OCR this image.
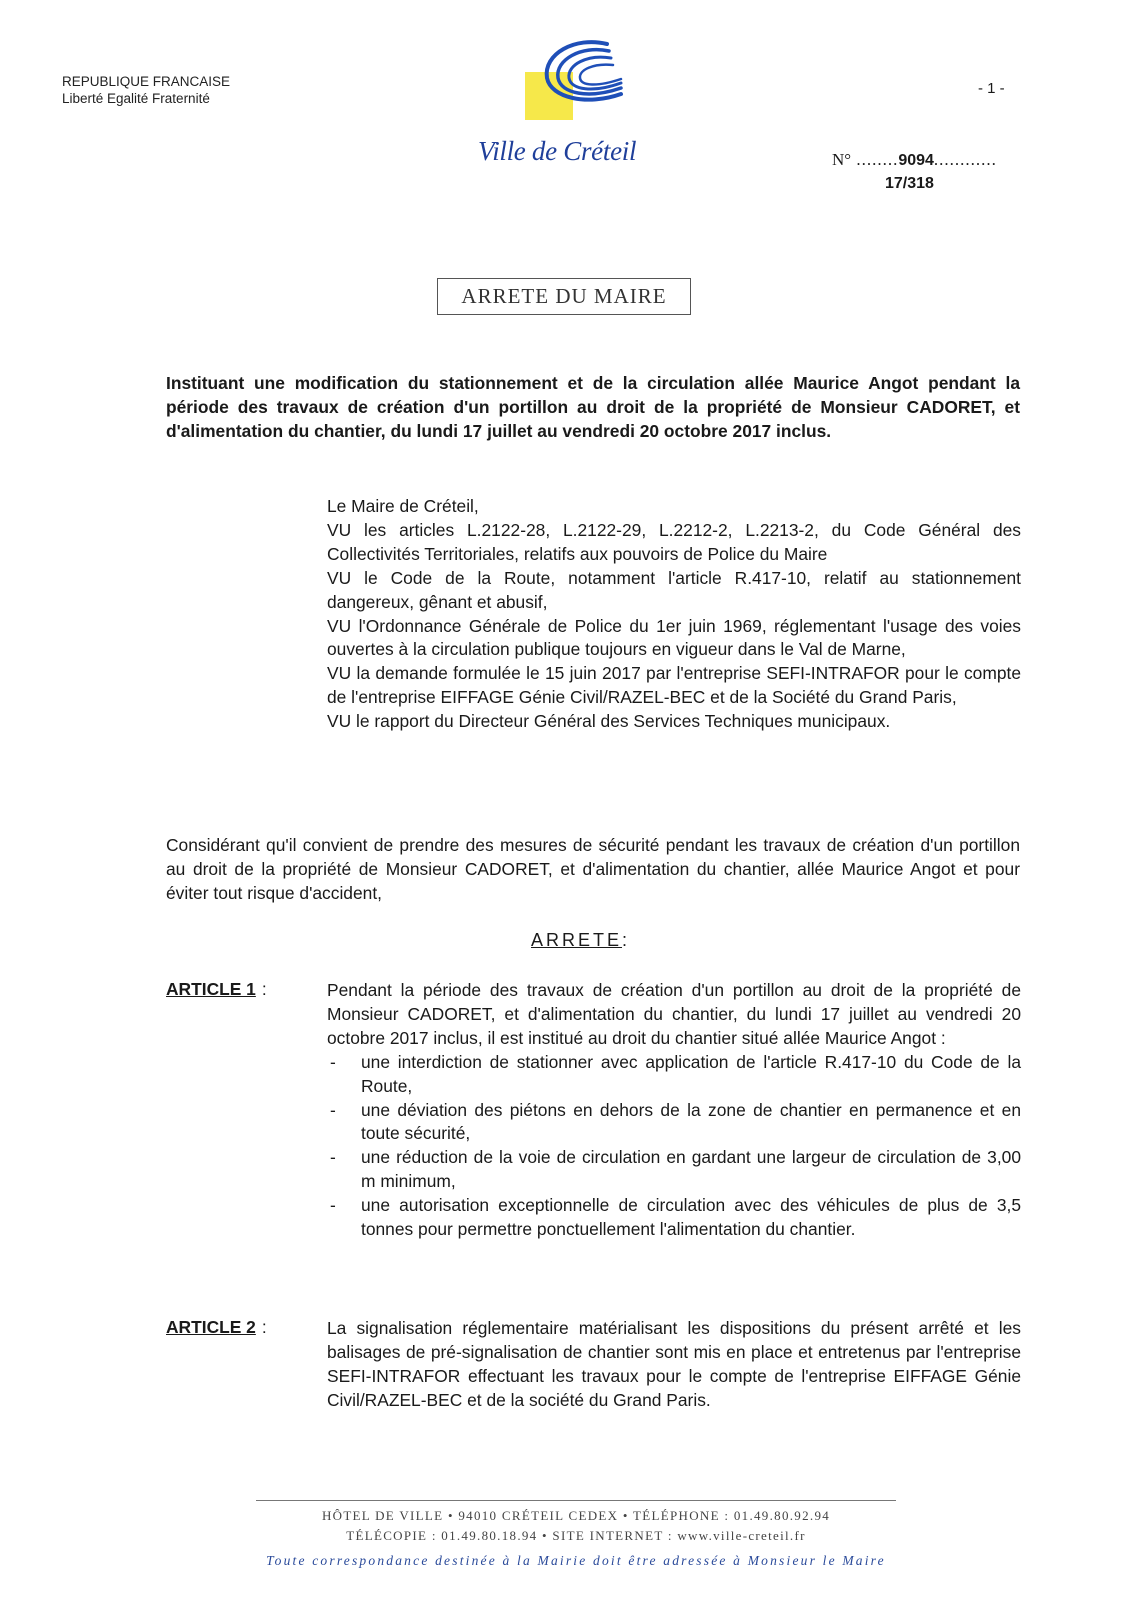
REPUBLIQUE FRANCAISE
Liberté Egalité Fraternité
Ville de Créteil
- 1 -
N° ........9094............
17/318
ARRETE DU MAIRE
Instituant une modification du stationnement et de la circulation allée Maurice Angot pendant la période des travaux de création d'un portillon au droit de la propriété de Monsieur CADORET, et d'alimentation du chantier, du lundi 17 juillet au vendredi 20 octobre 2017 inclus.

Le Maire de Créteil,

VU les articles L.2122-28, L.2122-29, L.2212-2, L.2213-2, du Code Général des Collectivités Territoriales, relatifs aux pouvoirs de Police du Maire

VU le Code de la Route, notamment l'article R.417-10, relatif au stationnement dangereux, gênant et abusif,

VU l'Ordonnance Générale de Police du 1er juin 1969, réglementant l'usage des voies ouvertes à la circulation publique toujours en vigueur dans le Val de Marne,

VU la demande formulée le 15 juin 2017 par l'entreprise SEFI-INTRAFOR pour le compte de l'entreprise EIFFAGE Génie Civil/RAZEL-BEC et de la Société du Grand Paris,

VU le rapport du Directeur Général des Services Techniques municipaux.

Considérant qu'il convient de prendre des mesures de sécurité pendant les travaux de création d'un portillon au droit de la propriété de Monsieur CADORET, et d'alimentation du chantier, allée Maurice Angot et pour éviter tout risque d'accident,
ARRETE:
ARTICLE 1 :	Pendant la période des travaux de création d'un portillon au droit de la propriété de Monsieur CADORET, et d'alimentation du chantier, du lundi 17 juillet au vendredi 20 octobre 2017 inclus, il est institué au droit du chantier situé allée Maurice Angot :

- une interdiction de stationner avec application de l'article R.417-10 du Code de la Route,
- une déviation des piétons en dehors de la zone de chantier en permanence et en toute sécurité,
- une réduction de la voie de circulation en gardant une largeur de circulation de 3,00 m minimum,
- une autorisation exceptionnelle de circulation avec des véhicules de plus de 3,5 tonnes pour permettre ponctuellement l'alimentation du chantier.
ARTICLE 2 :	La signalisation réglementaire matérialisant les dispositions du présent arrêté et les balisages de pré-signalisation de chantier sont mis en place et entretenus par l'entreprise SEFI-INTRAFOR effectuant les travaux pour le compte de l'entreprise EIFFAGE Génie Civil/RAZEL-BEC et de la société du Grand Paris.
HÔTEL DE VILLE • 94010 CRÉTEIL CEDEX • TÉLÉPHONE : 01.49.80.92.94
TÉLÉCOPIE : 01.49.80.18.94 • SITE INTERNET : www.ville-creteil.fr
Toute correspondance destinée à la Mairie doit être adressée à Monsieur le Maire
